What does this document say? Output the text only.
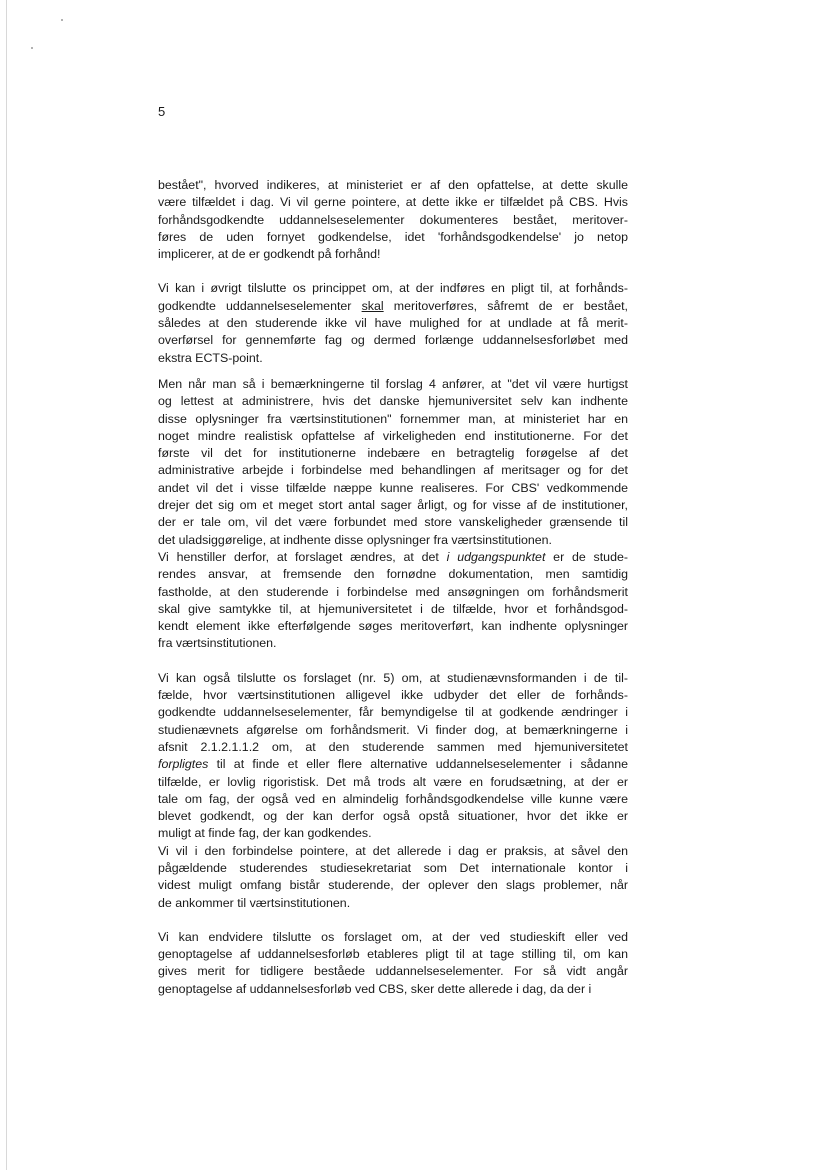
5

bestået", hvorved indikeres, at ministeriet er af den opfattelse, at dette skulle
være tilfældet i dag. Vi vil gerne pointere, at dette ikke er tilfældet på CBS. Hvis
forhåndsgodkendte uddannelseselementer dokumenteres bestået, meritover-
føres de uden fornyet godkendelse, idet 'forhåndsgodkendelse' jo netop
implicerer, at de er godkendt på forhånd!

Vi kan i øvrigt tilslutte os princippet om, at der indføres en pligt til, at forhånds-
godkendte uddannelseselementer skal meritoverføres, såfremt de er bestået,
således at den studerende ikke vil have mulighed for at undlade at få merit-
overførsel for gennemførte fag og dermed forlænge uddannelsesforløbet med
ekstra ECTS-point.

Men når man så i bemærkningerne til forslag 4 anfører, at "det vil være hurtigst
og lettest at administrere, hvis det danske hjemuniversitet selv kan indhente
disse oplysninger fra værtsinstitutionen" fornemmer man, at ministeriet har en
noget mindre realistisk opfattelse af virkeligheden end institutionerne. For det
første vil det for institutionerne indebære en betragtelig forøgelse af det
administrative arbejde i forbindelse med behandlingen af meritsager og for det
andet vil det i visse tilfælde næppe kunne realiseres. For CBS' vedkommende
drejer det sig om et meget stort antal sager årligt, og for visse af de institutioner,
der er tale om, vil det være forbundet med store vanskeligheder grænsende til
det uladsiggørelige, at indhente disse oplysninger fra værtsinstitutionen.

Vi henstiller derfor, at forslaget ændres, at det i udgangspunktet er de stude-
rendes ansvar, at fremsende den fornødne dokumentation, men samtidig
fastholde, at den studerende i forbindelse med ansøgningen om forhåndsmerit
skal give samtykke til, at hjemuniversitetet i de tilfælde, hvor et forhåndsgod-
kendt element ikke efterfølgende søges meritoverført, kan indhente oplysninger
fra værtsinstitutionen.

Vi kan også tilslutte os forslaget (nr. 5) om, at studienævnsformanden i de til-
fælde, hvor værtsinstitutionen alligevel ikke udbyder det eller de forhånds-
godkendte uddannelseselementer, får bemyndigelse til at godkende ændringer i
studienævnets afgørelse om forhåndsmerit. Vi finder dog, at bemærkningerne i
afsnit 2.1.2.1.1.2 om, at den studerende sammen med hjemuniversitetet
forpligtes til at finde et eller flere alternative uddannelseselementer i sådanne
tilfælde, er lovlig rigoristisk. Det må trods alt være en forudsætning, at der er
tale om fag, der også ved en almindelig forhåndsgodkendelse ville kunne være
blevet godkendt, og der kan derfor også opstå situationer, hvor det ikke er
muligt at finde fag, der kan godkendes.

Vi vil i den forbindelse pointere, at det allerede i dag er praksis, at såvel den
pågældende studerendes studiesekretariat som Det internationale kontor i
videst muligt omfang bistår studerende, der oplever den slags problemer, når
de ankommer til værtsinstitutionen.

Vi kan endvidere tilslutte os forslaget om, at der ved studieskift eller ved
genoptagelse af uddannelsesforløb etableres pligt til at tage stilling til, om kan
gives merit for tidligere beståede uddannelseselementer. For så vidt angår
genoptagelse af uddannelsesforløb ved CBS, sker dette allerede i dag, da der i
